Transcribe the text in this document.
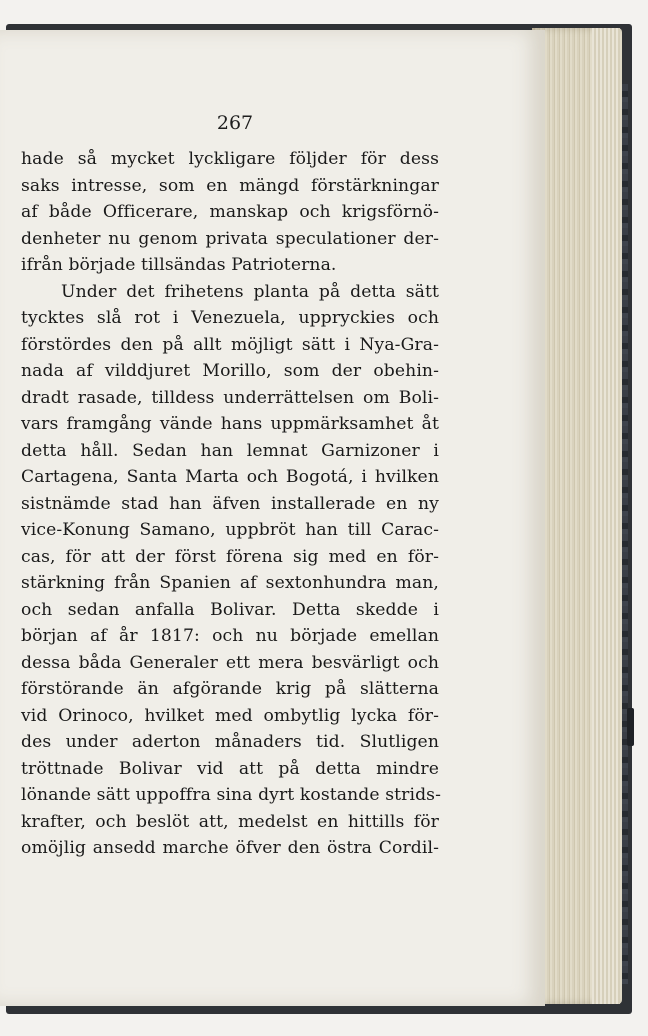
267
hade så mycket lyckligare följder för dess
saks intresse, som en mängd förstärkningar
af både Officerare, manskap och krigsförnö-
denheter nu genom privata speculationer der-
ifrån började tillsändas Patrioterna.
Under det frihetens planta på detta sätt
tycktes slå rot i Venezuela, uppryckies och
förstördes den på allt möjligt sätt i Nya-Gra-
nada af vilddjuret Morillo, som der obehin-
dradt rasade, tilldess underrättelsen om Boli-
vars framgång vände hans uppmärksamhet åt
detta håll. Sedan han lemnat Garnizoner i
Cartagena, Santa Marta och Bogotá, i hvilken
sistnämde stad han äfven installerade en ny
vice-Konung Samano, uppbröt han till Carac-
cas, för att der först förena sig med en för-
stärkning från Spanien af sextonhundra man,
och sedan anfalla Bolivar. Detta skedde i
början af år 1817: och nu började emellan
dessa båda Generaler ett mera besvärligt och
förstörande än afgörande krig på slätterna
vid Orinoco, hvilket med ombytlig lycka för-
des under aderton månaders tid. Slutligen
tröttnade Bolivar vid att på detta mindre
lönande sätt uppoffra sina dyrt kostande strids-
krafter, och beslöt att, medelst en hittills för
omöjlig ansedd marche öfver den östra Cordil-
